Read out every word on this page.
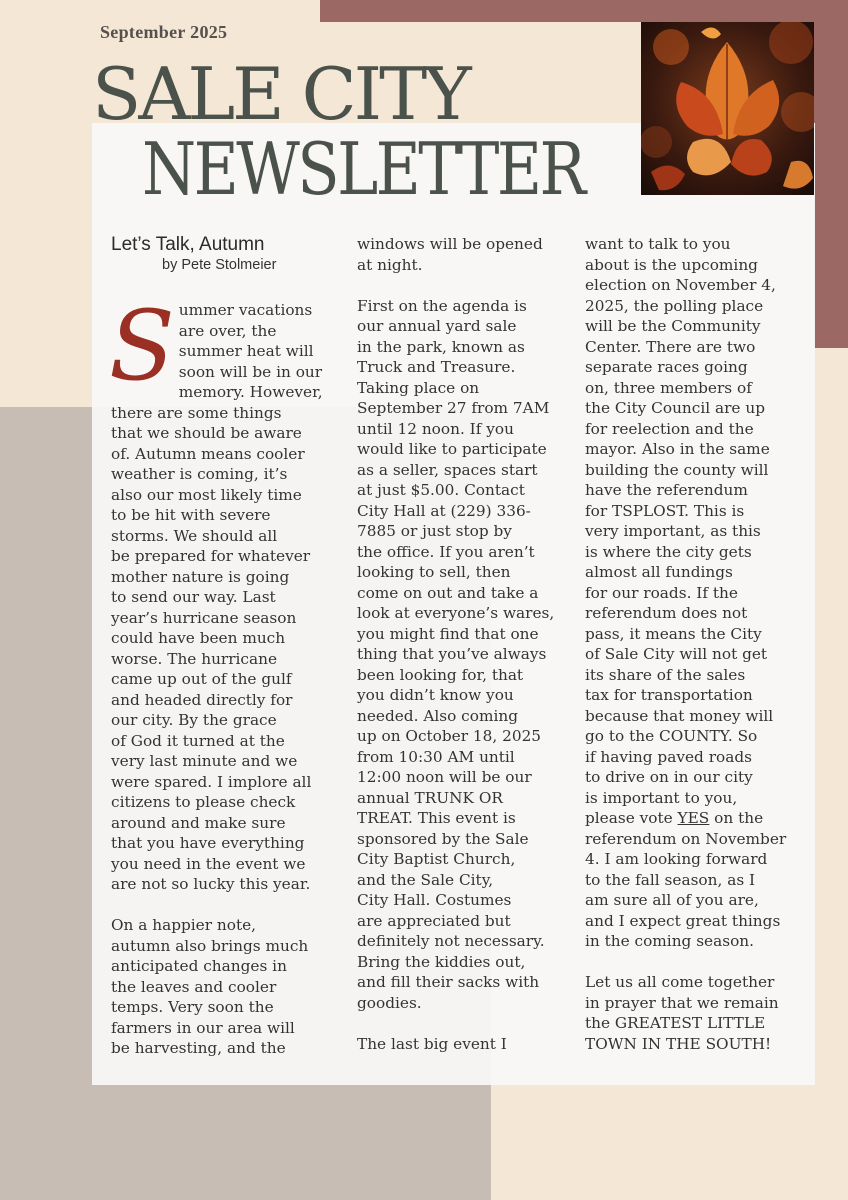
September 2025
SALE CITY
NEWSLETTER
Let’s Talk, Autumn
by Pete Stolmeier
S ummer vacations
are over, the
summer heat will
soon will be in our
memory. However,
there are some things
that we should be aware
of. Autumn means cooler
weather is coming, it’s
also our most likely time
to be hit with severe
storms. We should all
be prepared for whatever
mother nature is going
to send our way. Last
year’s hurricane season
could have been much
worse. The hurricane
came up out of the gulf
and headed directly for
our city. By the grace
of God it turned at the
very last minute and we
were spared. I implore all
citizens to please check
around and make sure
that you have everything
you need in the event we
are not so lucky this year.
On a happier note,
autumn also brings much
anticipated changes in
the leaves and cooler
temps. Very soon the
farmers in our area will
be harvesting, and the
windows will be opened
at night.
First on the agenda is
our annual yard sale
in the park, known as
Truck and Treasure.
Taking place on
September 27 from 7AM
until 12 noon. If you
would like to participate
as a seller, spaces start
at just $5.00. Contact
City Hall at (229) 336-
7885 or just stop by
the office. If you aren’t
looking to sell, then
come on out and take a
look at everyone’s wares,
you might find that one
thing that you’ve always
been looking for, that
you didn’t know you
needed. Also coming
up on October 18, 2025
from 10:30 AM until
12:00 noon will be our
annual TRUNK OR
TREAT. This event is
sponsored by the Sale
City Baptist Church,
and the Sale City,
City Hall. Costumes
are appreciated but
definitely not necessary.
Bring the kiddies out,
and fill their sacks with
goodies.
The last big event I
want to talk to you
about is the upcoming
election on November 4,
2025, the polling place
will be the Community
Center. There are two
separate races going
on, three members of
the City Council are up
for reelection and the
mayor. Also in the same
building the county will
have the referendum
for TSPLOST. This is
very important, as this
is where the city gets
almost all fundings
for our roads. If the
referendum does not
pass, it means the City
of Sale City will not get
its share of the sales
tax for transportation
because that money will
go to the COUNTY. So
if having paved roads
to drive on in our city
is important to you,
please vote YES on the
referendum on November
4. I am looking forward
to the fall season, as I
am sure all of you are,
and I expect great things
in the coming season.
Let us all come together
in prayer that we remain
the GREATEST LITTLE
TOWN IN THE SOUTH!
